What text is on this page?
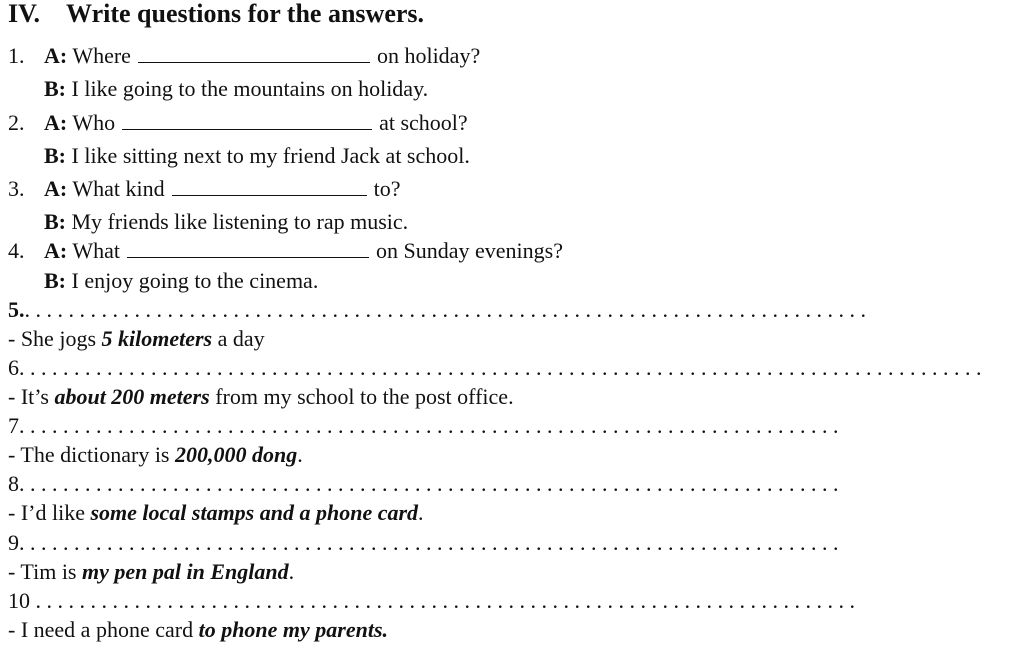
IV. Write questions for the answers.
1. A: Where	on holiday?
B: I like going to the mountains on holiday.
2. A: Who	at school?
B: I like sitting next to my friend Jack at school.
3. A: What kind	to?
B: My friends like listening to rap music.
4. A: What	on Sunday evenings?
B: I enjoy going to the cinema.
5.. . . . . . . . . . . . . . . . . . . . . . . . . . . . . . . . . . . . . . . . . . . . . . . . . . . . . . . . . . . . . . . . . . . . . . . . . . . . .
- She jogs 5 kilometers a day
6. . . . . . . . . . . . . . . . . . . . . . . . . . . . . . . . . . . . . . . . . . . . . . . . . . . . . . . . . . . . . . . . . . . . . . . . . . . . . . . . . . . . . . . .
- It’s about 200 meters from my school to the post office.
7. . . . . . . . . . . . . . . . . . . . . . . . . . . . . . . . . . . . . . . . . . . . . . . . . . . . . . . . . . . . . . . . . . . . . . . . . . .
- The dictionary is 200,000 dong.
8. . . . . . . . . . . . . . . . . . . . . . . . . . . . . . . . . . . . . . . . . . . . . . . . . . . . . . . . . . . . . . . . . . . . . . . . . . .
- I’d like some local stamps and a phone card.
9. . . . . . . . . . . . . . . . . . . . . . . . . . . . . . . . . . . . . . . . . . . . . . . . . . . . . . . . . . . . . . . . . . . . . . . . . . .
- Tim is my pen pal in England.
10 . . . . . . . . . . . . . . . . . . . . . . . . . . . . . . . . . . . . . . . . . . . . . . . . . . . . . . . . . . . . . . . . . . . . . . . . . . .
- I need a phone card to phone my parents.
